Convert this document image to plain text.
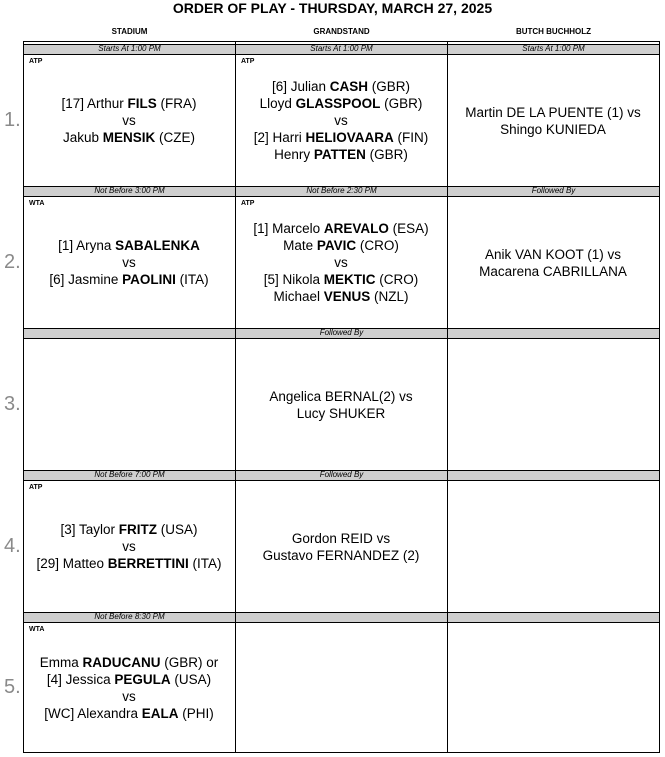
ORDER OF PLAY - THURSDAY, MARCH 27, 2025
STADIUM	GRANDSTAND	BUTCH BUCHHOLZ
Starts At 1:00 PM
ATP
[17] Arthur FILS (FRA)
vs
Jakub MENSIK (CZE)
Starts At 1:00 PM
ATP
[6] Julian CASH (GBR)
Lloyd GLASSPOOL (GBR)
vs
[2] Harri HELIOVAARA (FIN)
Henry PATTEN (GBR)
Starts At 1:00 PM
Martin DE LA PUENTE (1) vs
Shingo KUNIEDA
1.
Not Before 3:00 PM
WTA
[1] Aryna SABALENKA
vs
[6] Jasmine PAOLINI (ITA)
Not Before 2:30 PM
ATP
[1] Marcelo AREVALO (ESA)
Mate PAVIC (CRO)
vs
[5] Nikola MEKTIC (CRO)
Michael VENUS (NZL)
Followed By
Anik VAN KOOT (1) vs
Macarena CABRILLANA
2.
Followed By
Angelica BERNAL(2) vs
Lucy SHUKER
3.
Not Before 7:00 PM
ATP
[3] Taylor FRITZ (USA)
vs
[29] Matteo BERRETTINI (ITA)
Followed By
Gordon REID vs
Gustavo FERNANDEZ (2)
4.
Not Before 8:30 PM
WTA
Emma RADUCANU (GBR) or
[4] Jessica PEGULA (USA)
vs
[WC] Alexandra EALA (PHI)
5.
